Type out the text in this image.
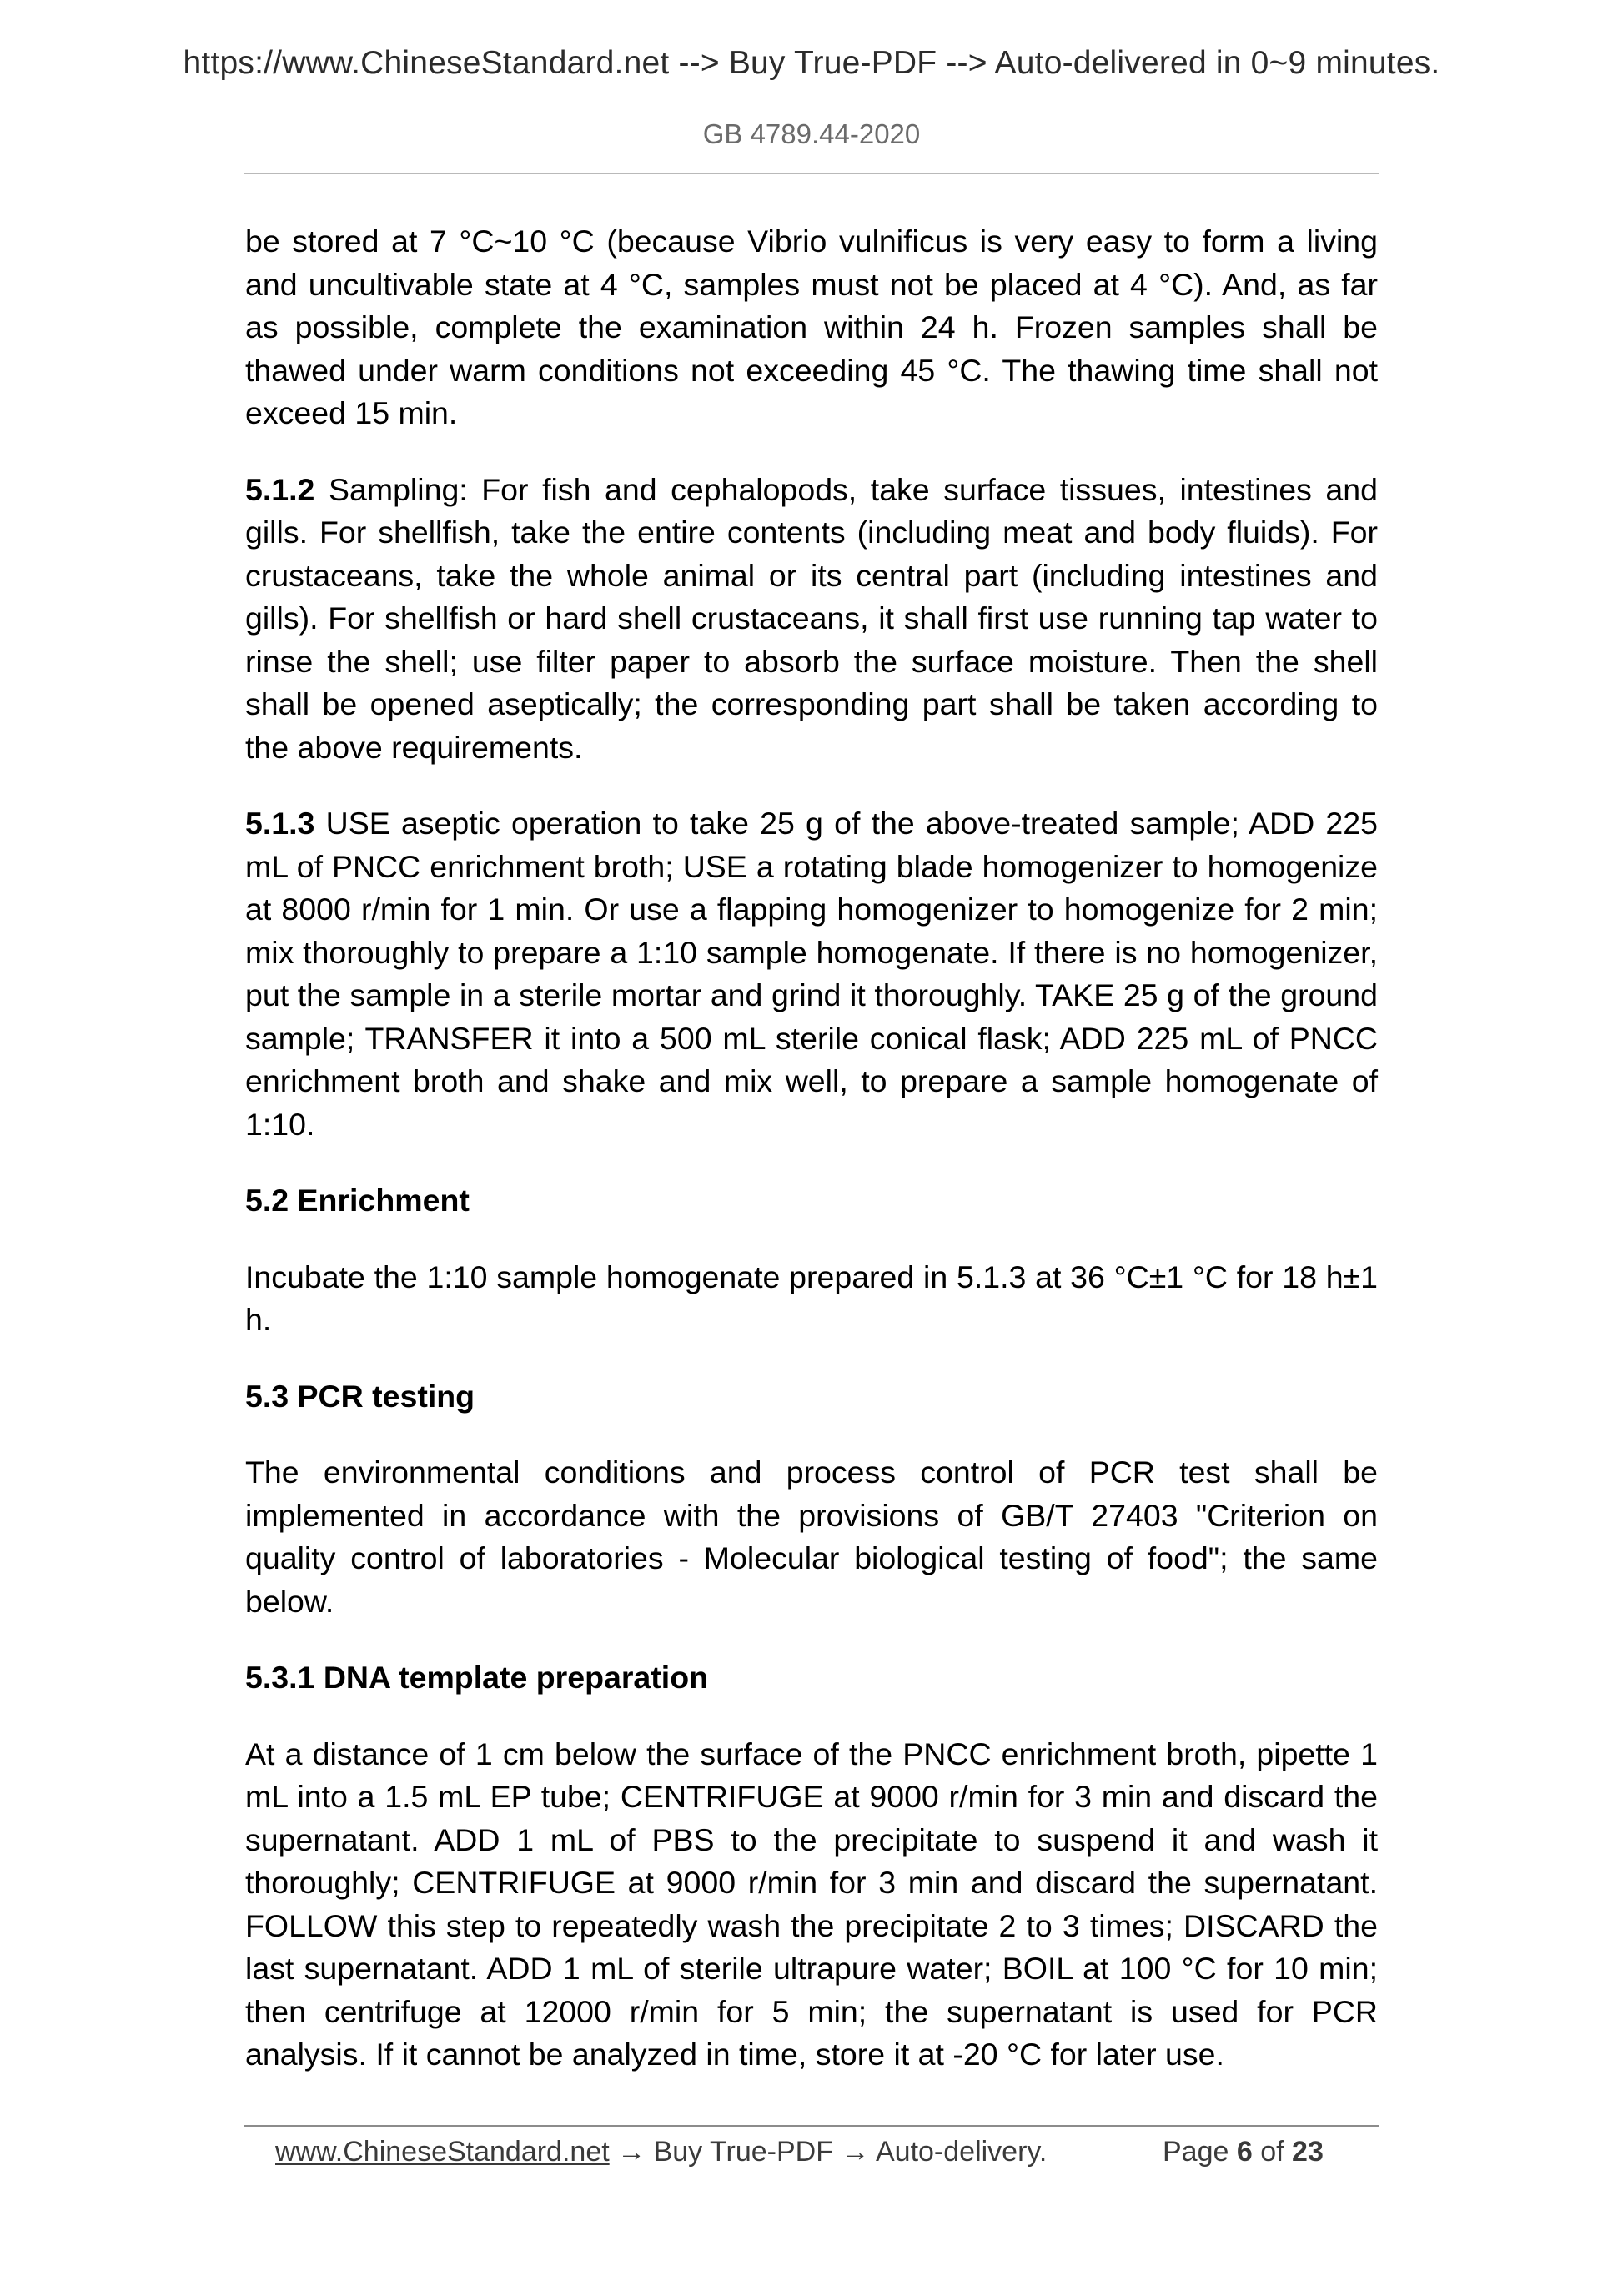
https://www.ChineseStandard.net --> Buy True-PDF --> Auto-delivered in 0~9 minutes.
GB 4789.44-2020

be stored at 7 °C~10 °C (because Vibrio vulnificus is very easy to form a living and uncultivable state at 4 °C, samples must not be placed at 4 °C). And, as far as possible, complete the examination within 24 h. Frozen samples shall be thawed under warm conditions not exceeding 45 °C. The thawing time shall not exceed 15 min.

5.1.2 Sampling: For fish and cephalopods, take surface tissues, intestines and gills. For shellfish, take the entire contents (including meat and body fluids). For crustaceans, take the whole animal or its central part (including intestines and gills). For shellfish or hard shell crustaceans, it shall first use running tap water to rinse the shell; use filter paper to absorb the surface moisture. Then the shell shall be opened aseptically; the corresponding part shall be taken according to the above requirements.

5.1.3 USE aseptic operation to take 25 g of the above-treated sample; ADD 225 mL of PNCC enrichment broth; USE a rotating blade homogenizer to homogenize at 8000 r/min for 1 min. Or use a flapping homogenizer to homogenize for 2 min; mix thoroughly to prepare a 1:10 sample homogenate. If there is no homogenizer, put the sample in a sterile mortar and grind it thoroughly. TAKE 25 g of the ground sample; TRANSFER it into a 500 mL sterile conical flask; ADD 225 mL of PNCC enrichment broth and shake and mix well, to prepare a sample homogenate of 1:10.

5.2 Enrichment

Incubate the 1:10 sample homogenate prepared in 5.1.3 at 36 °C±1 °C for 18 h±1 h.

5.3 PCR testing

The environmental conditions and process control of PCR test shall be implemented in accordance with the provisions of GB/T 27403 "Criterion on quality control of laboratories - Molecular biological testing of food"; the same below.

5.3.1 DNA template preparation

At a distance of 1 cm below the surface of the PNCC enrichment broth, pipette 1 mL into a 1.5 mL EP tube; CENTRIFUGE at 9000 r/min for 3 min and discard the supernatant. ADD 1 mL of PBS to the precipitate to suspend it and wash it thoroughly; CENTRIFUGE at 9000 r/min for 3 min and discard the supernatant. FOLLOW this step to repeatedly wash the precipitate 2 to 3 times; DISCARD the last supernatant. ADD 1 mL of sterile ultrapure water; BOIL at 100 °C for 10 min; then centrifuge at 12000 r/min for 5 min; the supernatant is used for PCR analysis. If it cannot be analyzed in time, store it at -20 °C for later use.

www.ChineseStandard.net → Buy True-PDF → Auto-delivery.	Page 6 of 23
